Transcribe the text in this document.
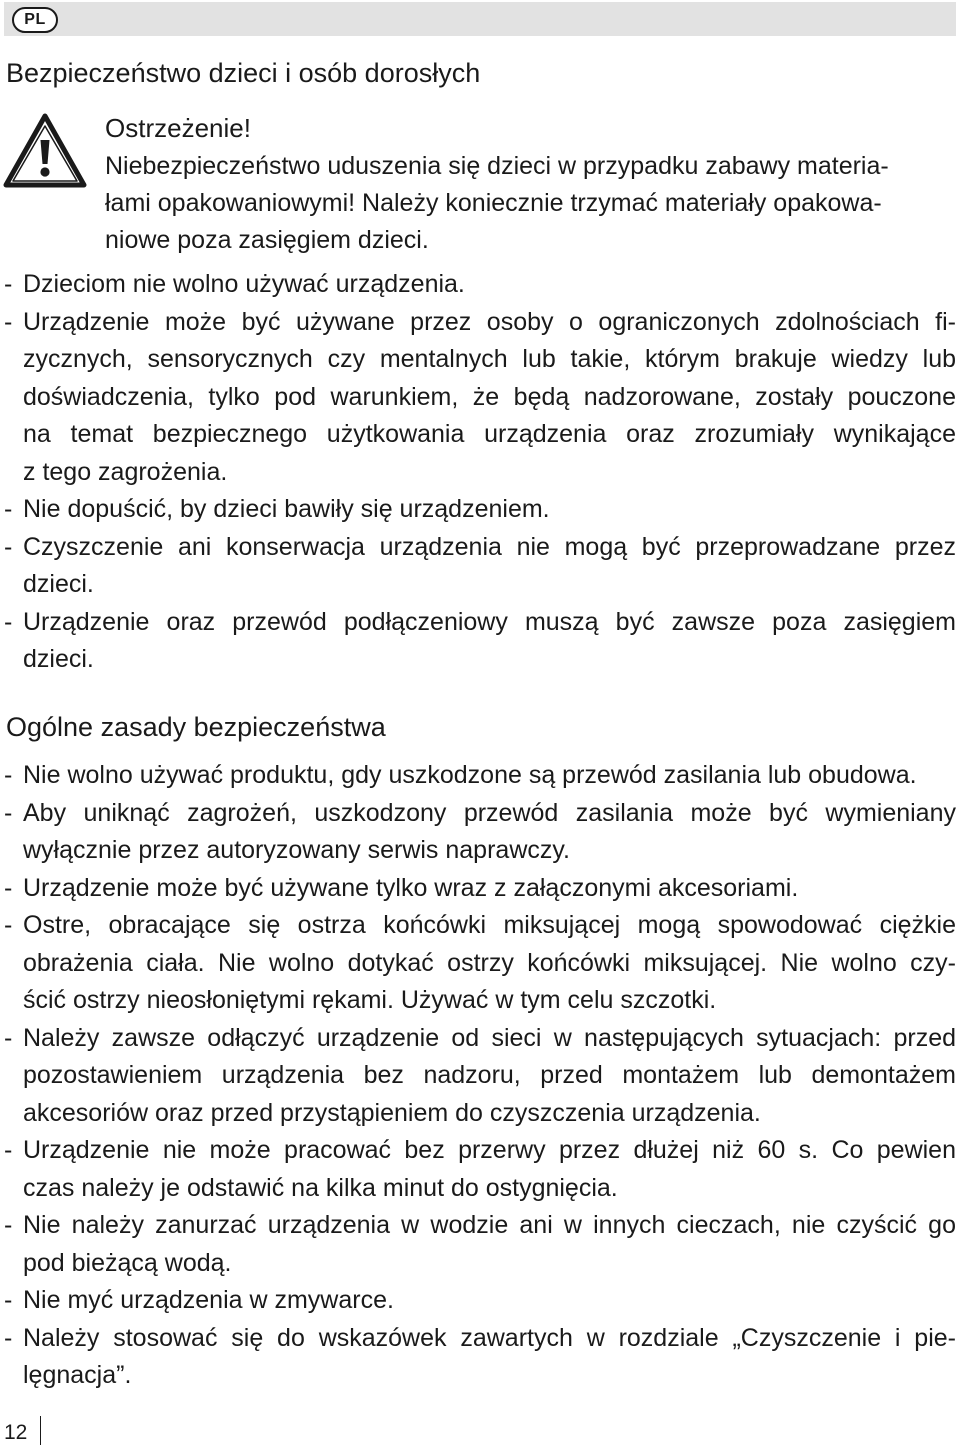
PL
Bezpieczeństwo dzieci i osób dorosłych
Ostrzeżenie!
Niebezpieczeństwo uduszenia się dzieci w przypadku zabawy materia-
łami opakowaniowymi! Należy koniecznie trzymać materiały opakowa-
niowe poza zasięgiem dzieci.
- Dzieciom nie wolno używać urządzenia.
- Urządzenie może być używane przez osoby o ograniczonych zdolnościach fi-
zycznych, sensorycznych czy mentalnych lub takie, którym brakuje wiedzy lub
doświadczenia, tylko pod warunkiem, że będą nadzorowane, zostały pouczone
na temat bezpiecznego użytkowania urządzenia oraz zrozumiały wynikające
z tego zagrożenia.
- Nie dopuścić, by dzieci bawiły się urządzeniem.
- Czyszczenie ani konserwacja urządzenia nie mogą być przeprowadzane przez
dzieci.
- Urządzenie oraz przewód podłączeniowy muszą być zawsze poza zasięgiem
dzieci.
Ogólne zasady bezpieczeństwa
- Nie wolno używać produktu, gdy uszkodzone są przewód zasilania lub obudowa.
- Aby uniknąć zagrożeń, uszkodzony przewód zasilania może być wymieniany
wyłącznie przez autoryzowany serwis naprawczy.
- Urządzenie może być używane tylko wraz z załączonymi akcesoriami.
- Ostre, obracające się ostrza końcówki miksującej mogą spowodować ciężkie
obrażenia ciała. Nie wolno dotykać ostrzy końcówki miksującej. Nie wolno czy-
ścić ostrzy nieosłoniętymi rękami. Używać w tym celu szczotki.
- Należy zawsze odłączyć urządzenie od sieci w następujących sytuacjach: przed
pozostawieniem urządzenia bez nadzoru, przed montażem lub demontażem
akcesoriów oraz przed przystąpieniem do czyszczenia urządzenia.
- Urządzenie nie może pracować bez przerwy przez dłużej niż 60 s. Co pewien
czas należy je odstawić na kilka minut do ostygnięcia.
- Nie należy zanurzać urządzenia w wodzie ani w innych cieczach, nie czyścić go
pod bieżącą wodą.
- Nie myć urządzenia w zmywarce.
- Należy stosować się do wskazówek zawartych w rozdziale „Czyszczenie i pie-
lęgnacja”.
12
